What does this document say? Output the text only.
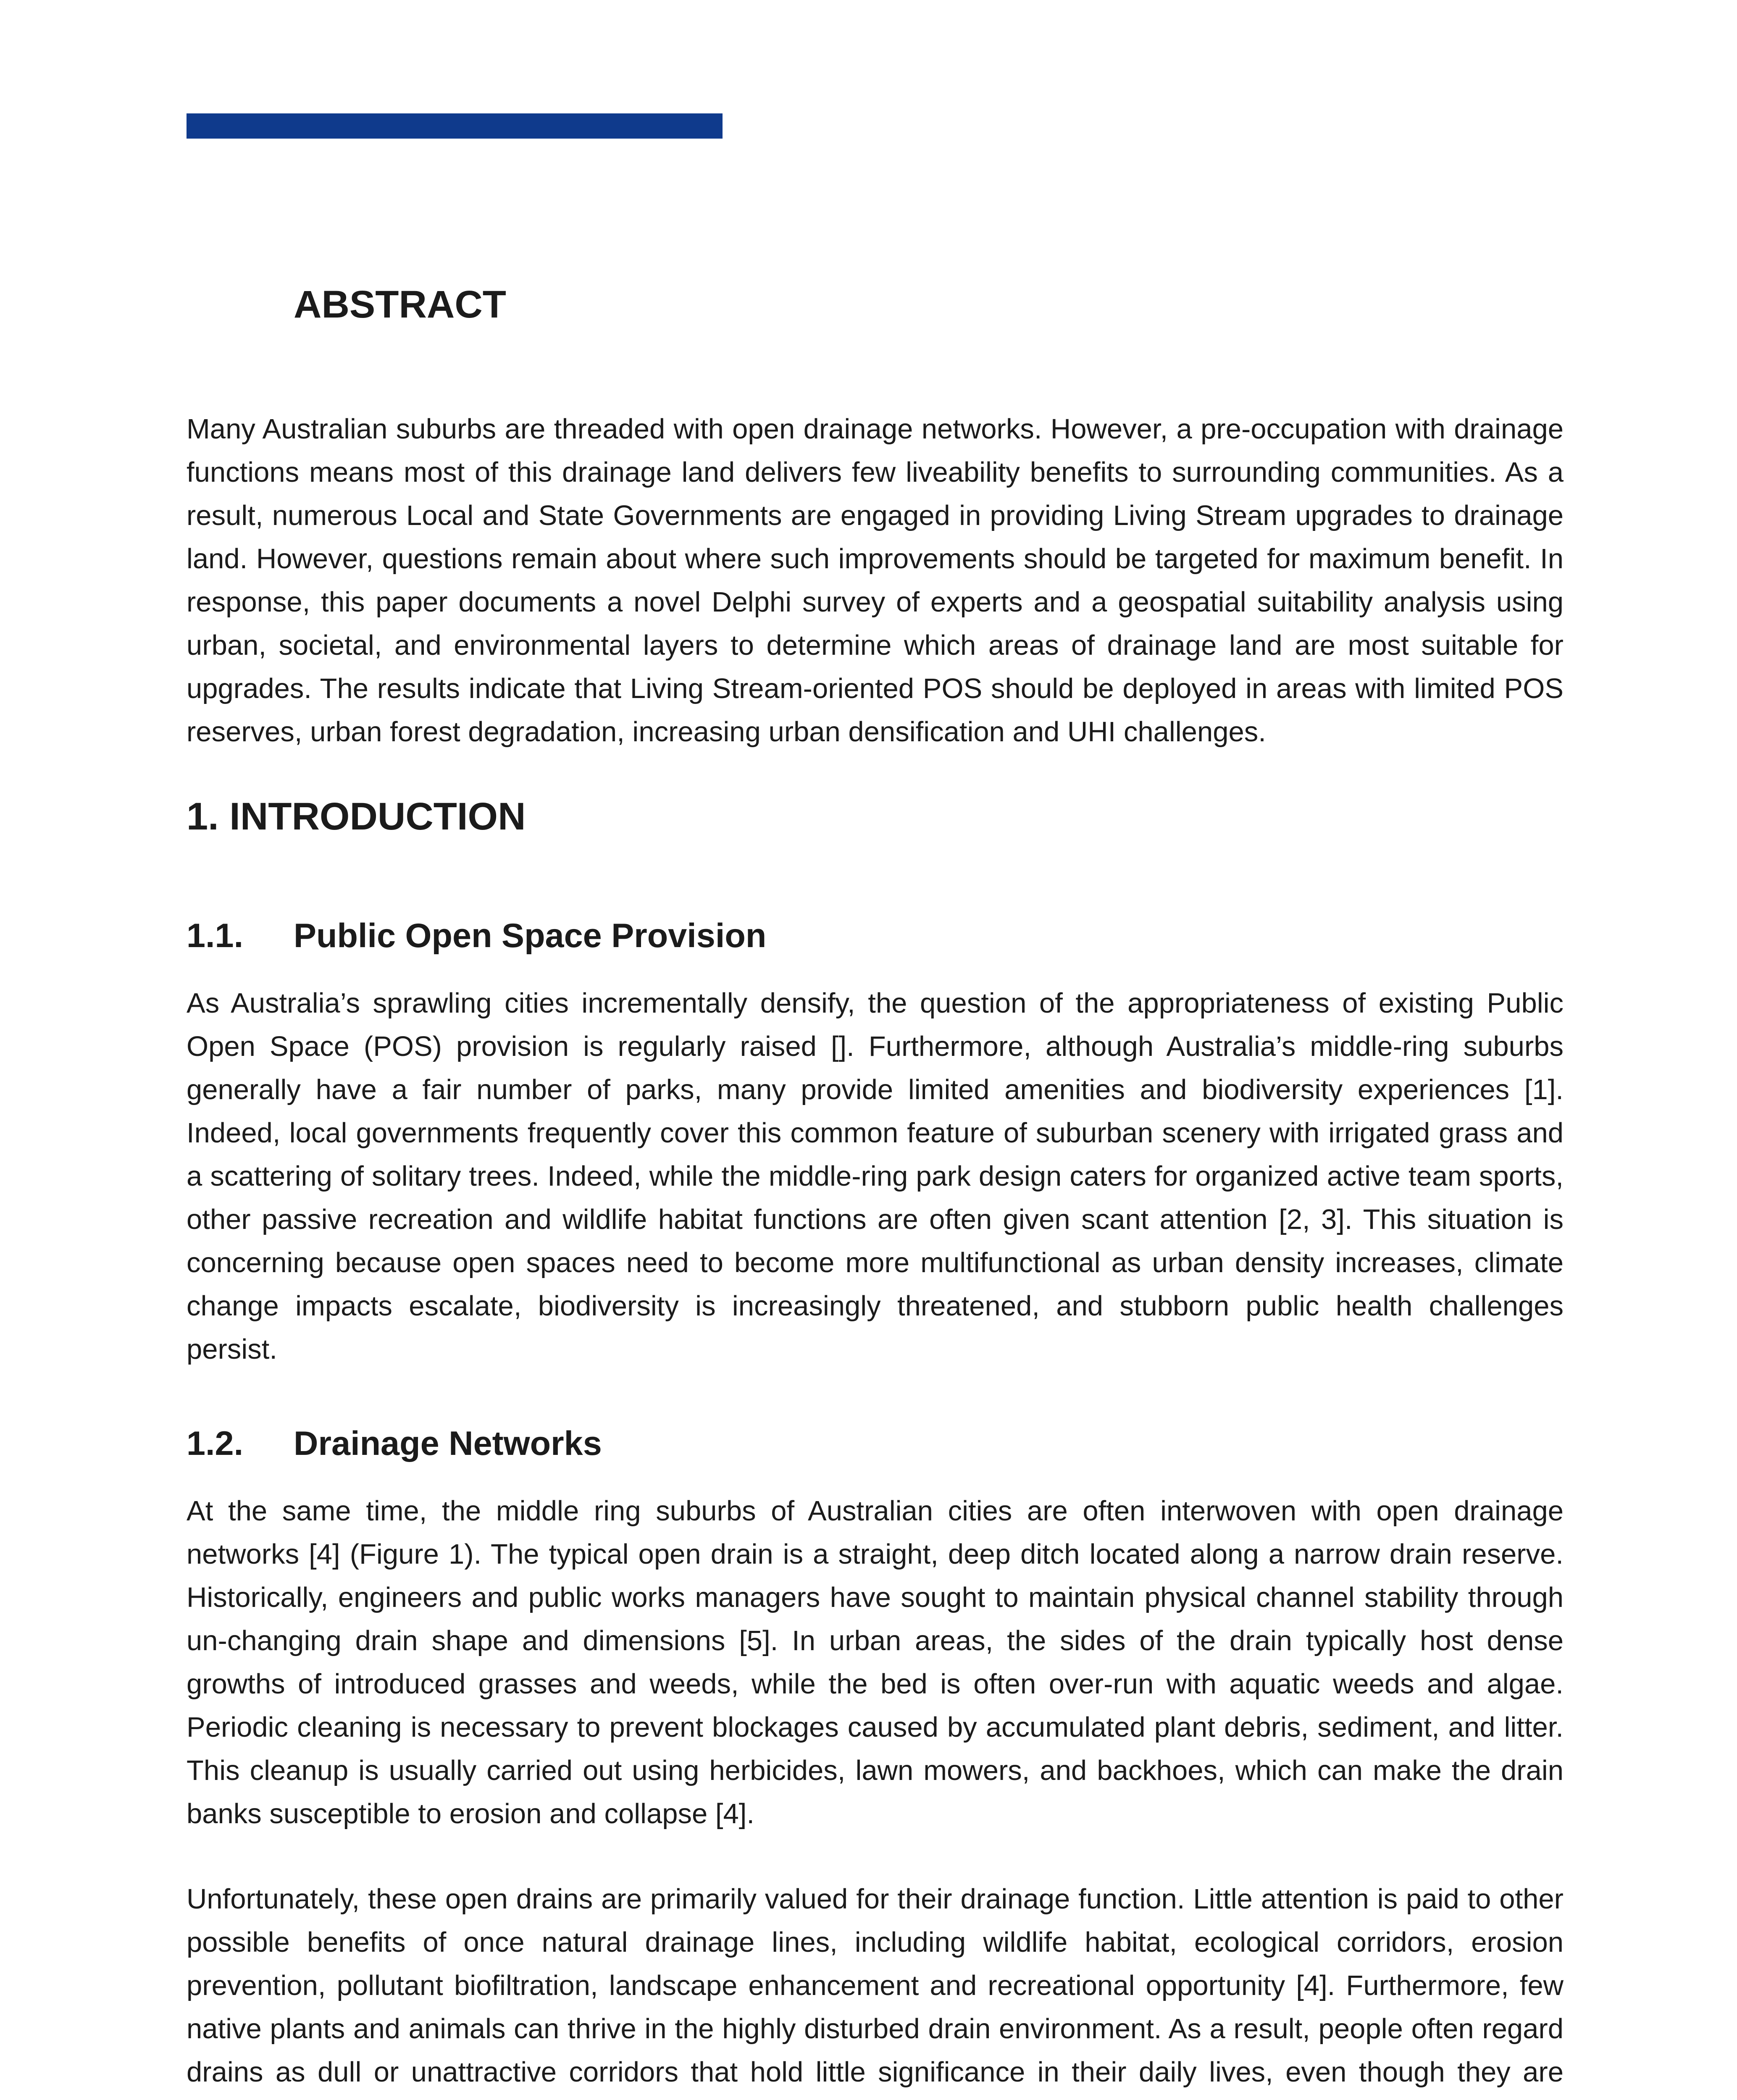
ABSTRACT

Many Australian suburbs are threaded with open drainage networks. However, a pre-occupation with drainage functions means most of this drainage land delivers few liveability benefits to surrounding communities. As a result, numerous Local and State Governments are engaged in providing Living Stream upgrades to drainage land. However, questions remain about where such improvements should be targeted for maximum benefit. In response, this paper documents a novel Delphi survey of experts and a geospatial suitability analysis using urban, societal, and environmental layers to determine which areas of drainage land are most suitable for upgrades. The results indicate that Living Stream-oriented POS should be deployed in areas with limited POS reserves, urban forest degradation, increasing urban densification and UHI challenges.

1. INTRODUCTION
1.1.	Public Open Space Provision

As Australia’s sprawling cities incrementally densify, the question of the appropriateness of existing Public Open Space (POS) provision is regularly raised []. Furthermore, although Australia’s middle-ring suburbs generally have a fair number of parks, many provide limited amenities and biodiversity experiences [1]. Indeed, local governments frequently cover this common feature of suburban scenery with irrigated grass and a scattering of solitary trees. Indeed, while the middle-ring park design caters for organized active team sports, other passive recreation and wildlife habitat functions are often given scant attention [2, 3]. This situation is concerning because open spaces need to become more multifunctional as urban density increases, climate change impacts escalate, biodiversity is increasingly threatened, and stubborn public health challenges persist.

1.2.	Drainage Networks

At the same time, the middle ring suburbs of Australian cities are often interwoven with open drainage networks [4] (Figure 1). The typical open drain is a straight, deep ditch located along a narrow drain reserve. Historically, engineers and public works managers have sought to maintain physical channel stability through un-changing drain shape and dimensions [5]. In urban areas, the sides of the drain typically host dense growths of introduced grasses and weeds, while the bed is often over-run with aquatic weeds and algae. Periodic cleaning is necessary to prevent blockages caused by accumulated plant debris, sediment, and litter. This cleanup is usually carried out using herbicides, lawn mowers, and backhoes, which can make the drain banks susceptible to erosion and collapse [4].

Unfortunately, these open drains are primarily valued for their drainage function. Little attention is paid to other possible benefits of once natural drainage lines, including wildlife habitat, ecological corridors, erosion prevention, pollutant biofiltration, landscape enhancement and recreational opportunity [4]. Furthermore, few native plants and animals can thrive in the highly disturbed drain environment. As a result, people often regard drains as dull or unattractive corridors that hold little significance in their daily lives, even though they are
